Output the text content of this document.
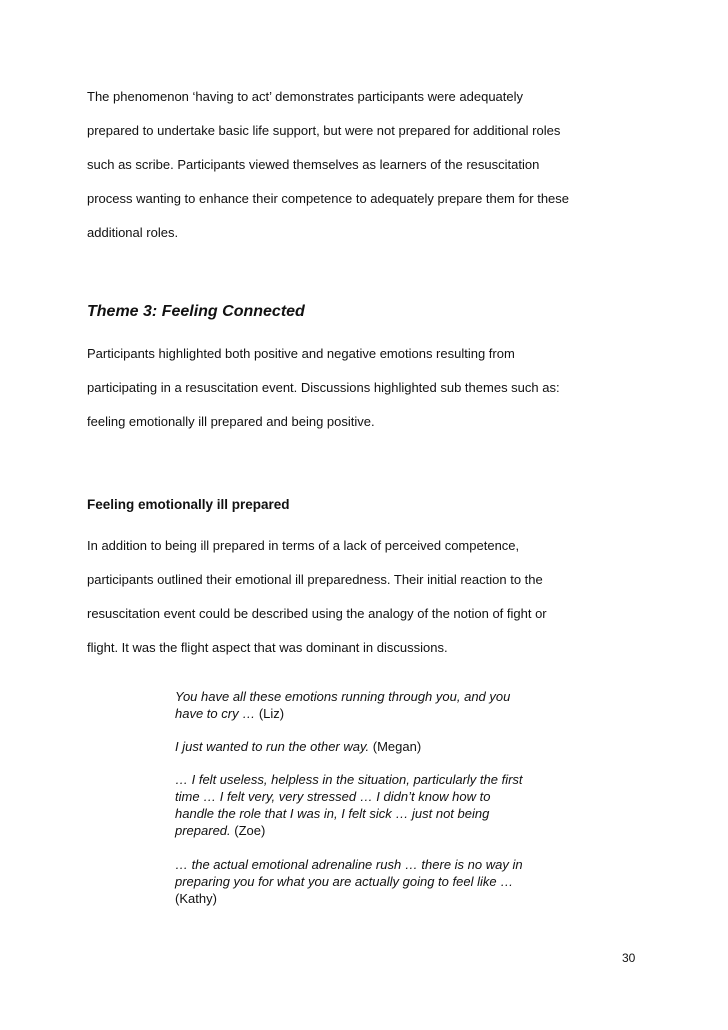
The phenomenon ‘having to act’ demonstrates participants were adequately
prepared to undertake basic life support, but were not prepared for additional roles
such as scribe. Participants viewed themselves as learners of the resuscitation
process wanting to enhance their competence to adequately prepare them for these
additional roles.
Theme 3: Feeling Connected
Participants highlighted both positive and negative emotions resulting from
participating in a resuscitation event. Discussions highlighted sub themes such as:
feeling emotionally ill prepared and being positive.
Feeling emotionally ill prepared
In addition to being ill prepared in terms of a lack of perceived competence,
participants outlined their emotional ill preparedness. Their initial reaction to the
resuscitation event could be described using the analogy of the notion of fight or
flight. It was the flight aspect that was dominant in discussions.
You have all these emotions running through you, and you
have to cry … (Liz)
I just wanted to run the other way. (Megan)
… I felt useless, helpless in the situation, particularly the first
time … I felt very, very stressed … I didn’t know how to
handle the role that I was in, I felt sick … just not being
prepared. (Zoe)
… the actual emotional adrenaline rush … there is no way in
preparing you for what you are actually going to feel like …
(Kathy)
30
